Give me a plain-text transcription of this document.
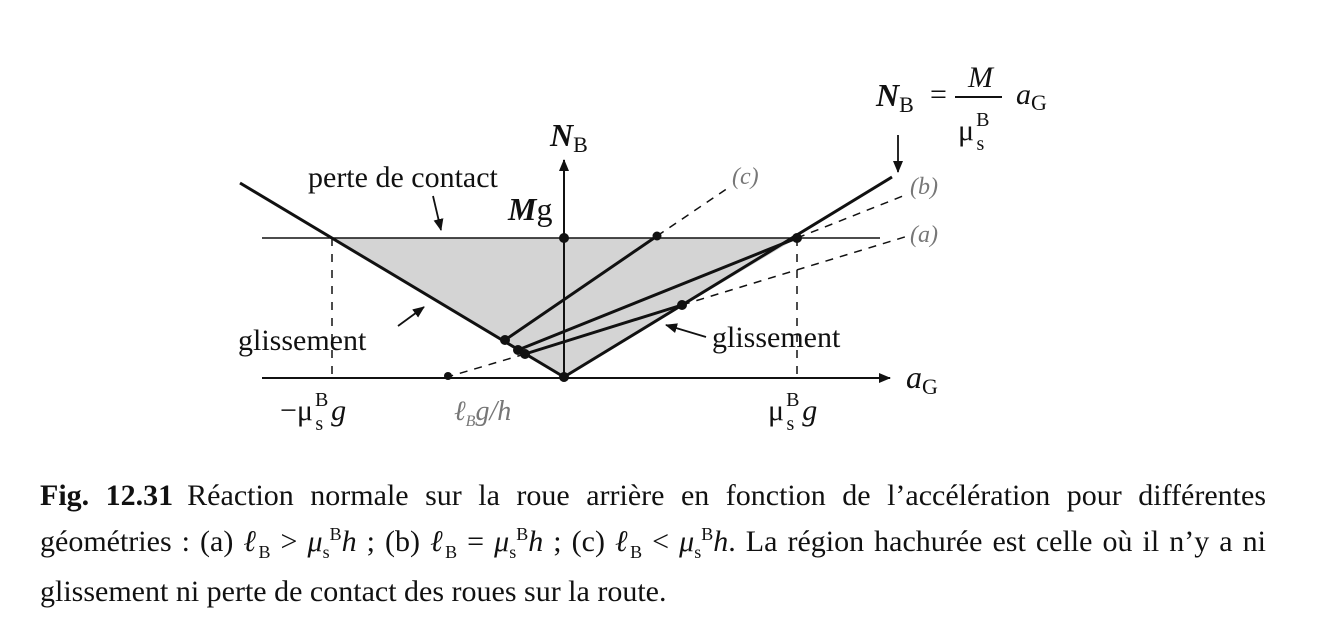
NB
aG
Mg
perte de contact
glissement	glissement
−μ $^B$ s g	μ $^B$ s g
ℓ$_B$g/h
(c)	(b)
(a)
NB =
M
μ $^B$ s
$a_G$
Fig. 12.31 Réaction normale sur la roue arrière en fonction de l’accélération pour différentes géométries : (a) ℓ$_B$ > $\mu_s^Bh$ ; (b) ℓ$_B$ = $\mu_s^Bh$ ; (c) ℓ$_B$ < $\mu_s^Bh$. La région hachurée est celle où il n’y a ni glissement ni perte de contact des roues sur la route.
